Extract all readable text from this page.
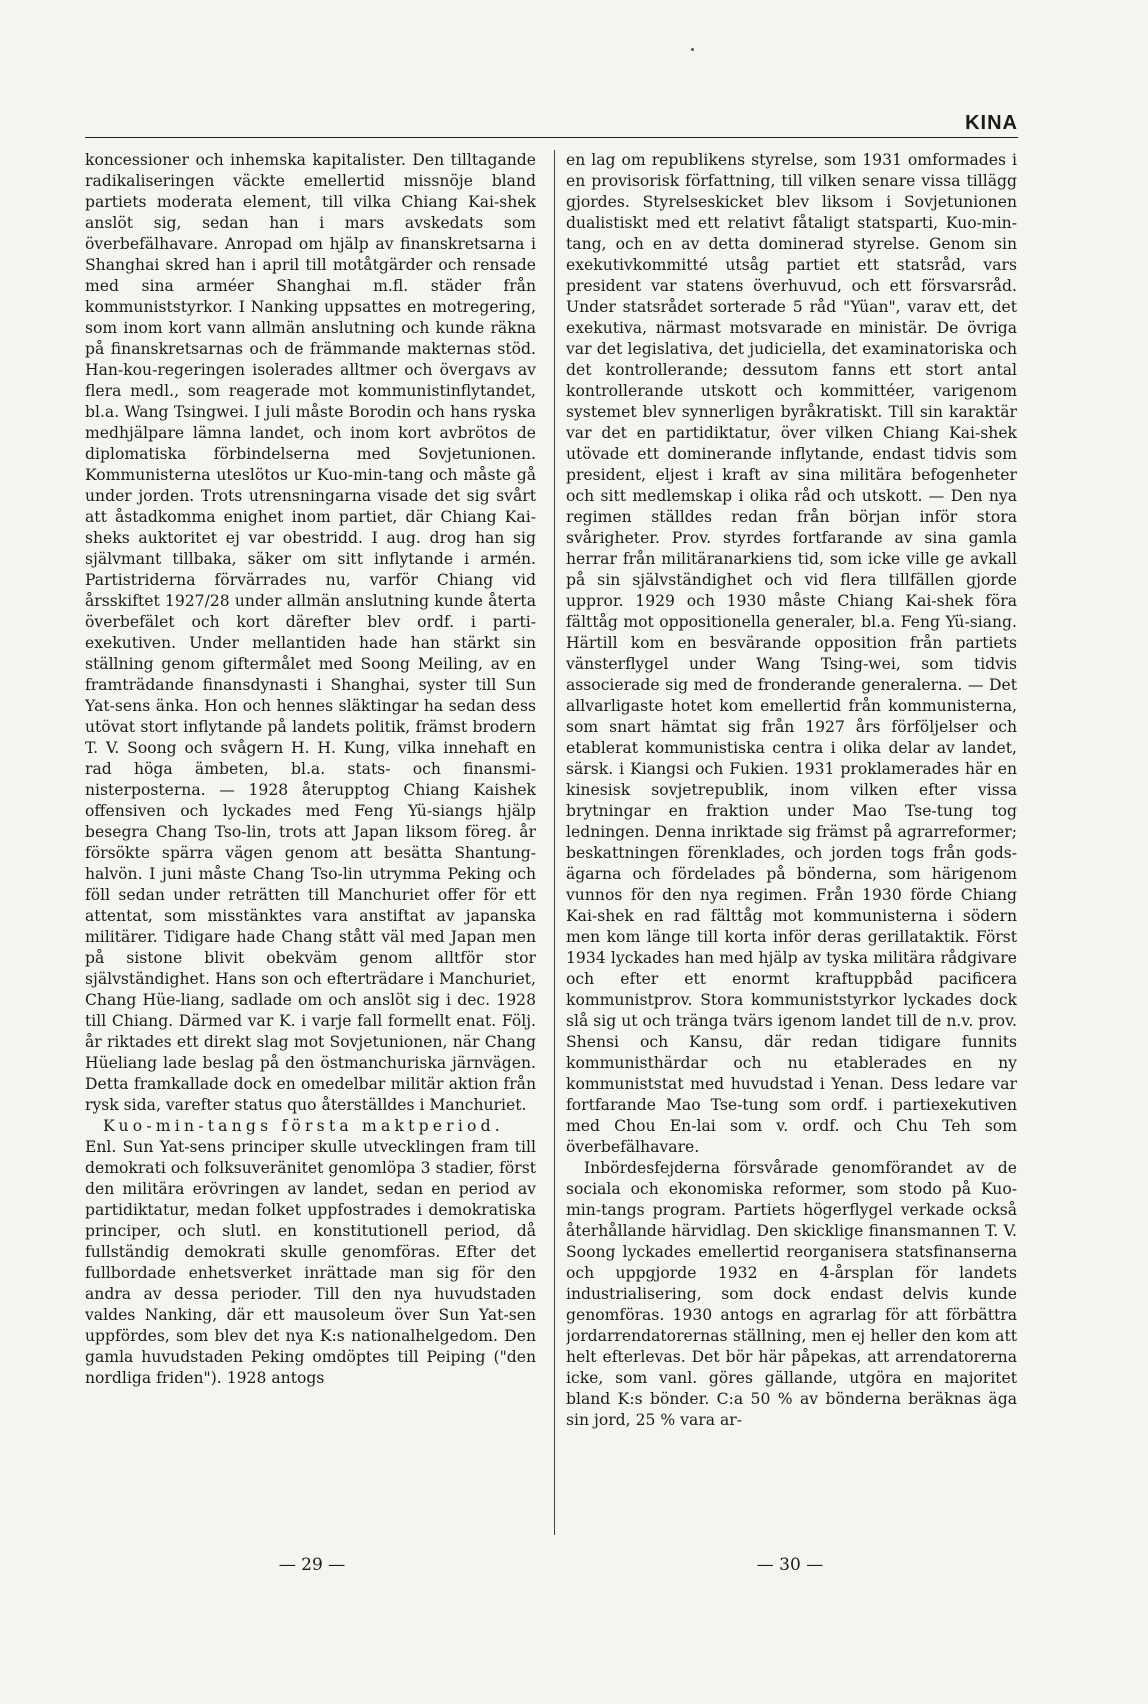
KINA

koncessioner och inhemska kapitalister. Den tilltagande radikaliseringen väckte emellertid missnöje bland partiets moderata element, till vilka Chiang Kai-shek anslöt sig, sedan han i mars avskedats som överbefälhavare. Anropad om hjälp av finanskretsarna i Shanghai skred han i april till motåtgärder och rensade med sina arméer Shanghai m.fl. städer från kommuniststyrkor. I Nanking uppsattes en motregering, som inom kort vann allmän anslutning och kunde räkna på finanskretsarnas och de främmande makternas stöd. Han-kou-regeringen isolerades alltmer och övergavs av flera medl., som reagerade mot kommunistinflytandet, bl.a. Wang Tsingwei. I juli måste Borodin och hans ryska medhjälpare lämna landet, och inom kort avbrötos de diplomatiska förbindelserna med Sovjetunionen. Kommunisterna uteslötos ur Kuo-min-tang och måste gå under jorden. Trots utrensningarna visade det sig svårt att åstadkomma enighet inom partiet, där Chiang Kai-sheks auktoritet ej var obestridd. I aug. drog han sig självmant tillbaka, säker om sitt inflytande i armén. Partistriderna förvärrades nu, varför Chiang vid årsskiftet 1927/28 under allmän anslutning kunde återta överbefälet och kort därefter blev ordf. i partiexekutiven. Under mellantiden hade han stärkt sin ställning genom giftermålet med Soong Meiling, av en framträdande finansdynasti i Shanghai, syster till Sun Yat-sens änka. Hon och hennes släktingar ha sedan dess utövat stort inflytande på landets politik, främst brodern T. V. Soong och svågern H. H. Kung, vilka innehaft en rad höga ämbeten, bl.a. stats- och finansministerposterna. — 1928 återupptog Chiang Kaishek offensiven och lyckades med Feng Yü-siangs hjälp besegra Chang Tso-lin, trots att Japan liksom föreg. år försökte spärra vägen genom att besätta Shantung-halvön. I juni måste Chang Tso-lin utrymma Peking och föll sedan under reträtten till Manchuriet offer för ett attentat, som misstänktes vara anstiftat av japanska militärer. Tidigare hade Chang stått väl med Japan men på sistone blivit obekväm genom alltför stor självständighet. Hans son och efterträdare i Manchuriet, Chang Hüe-liang, sadlade om och anslöt sig i dec. 1928 till Chiang. Därmed var K. i varje fall formellt enat. Följ. år riktades ett direkt slag mot Sovjetunionen, när Chang Hüeliang lade beslag på den östmanchuriska järnvägen. Detta framkallade dock en omedelbar militär aktion från rysk sida, varefter status quo återställdes i Manchuriet.

Kuo-min-tangs första maktperiod.

Enl. Sun Yat-sens principer skulle utvecklingen fram till demokrati och folksuveränitet genomlöpa 3 stadier, först den militära erövringen av landet, sedan en period av partidiktatur, medan folket uppfostrades i demokratiska principer, och slutl. en konstitutionell period, då fullständig demokrati skulle genomföras. Efter det fullbordade enhetsverket inrättade man sig för den andra av dessa perioder. Till den nya huvudstaden valdes Nanking, där ett mausoleum över Sun Yat-sen uppfördes, som blev det nya K:s nationalhelgedom. Den gamla huvudstaden Peking omdöptes till Peiping ("den nordliga friden"). 1928 antogs

en lag om republikens styrelse, som 1931 omformades i en provisorisk författning, till vilken senare vissa tillägg gjordes. Styrelseskicket blev liksom i Sovjetunionen dualistiskt med ett relativt fåtaligt statsparti, Kuo-min-tang, och en av detta dominerad styrelse. Genom sin exekutivkommitté utsåg partiet ett statsråd, vars president var statens överhuvud, och ett försvarsråd. Under statsrådet sorterade 5 råd "Yüan", varav ett, det exekutiva, närmast motsvarade en ministär. De övriga var det legislativa, det judiciella, det examinatoriska och det kontrollerande; dessutom fanns ett stort antal kontrollerande utskott och kommittéer, varigenom systemet blev synnerligen byråkratiskt. Till sin karaktär var det en partidiktatur, över vilken Chiang Kai-shek utövade ett dominerande inflytande, endast tidvis som president, eljest i kraft av sina militära befogenheter och sitt medlemskap i olika råd och utskott. — Den nya regimen ställdes redan från början inför stora svårigheter. Prov. styrdes fortfarande av sina gamla herrar från militäranarkiens tid, som icke ville ge avkall på sin självständighet och vid flera tillfällen gjorde uppror. 1929 och 1930 måste Chiang Kai-shek föra fälttåg mot oppositionella generaler, bl.a. Feng Yü-siang. Härtill kom en besvärande opposition från partiets vänsterflygel under Wang Tsing-wei, som tidvis associerade sig med de fronderande generalerna. — Det allvarligaste hotet kom emellertid från kommunisterna, som snart hämtat sig från 1927 års förföljelser och etablerat kommunistiska centra i olika delar av landet, särsk. i Kiangsi och Fukien. 1931 proklamerades här en kinesisk sovjetrepublik, inom vilken efter vissa brytningar en fraktion under Mao Tse-tung tog ledningen. Denna inriktade sig främst på agrarreformer; beskattningen förenklades, och jorden togs från godsägarna och fördelades på bönderna, som härigenom vunnos för den nya regimen. Från 1930 förde Chiang Kai-shek en rad fälttåg mot kommunisterna i södern men kom länge till korta inför deras gerillataktik. Först 1934 lyckades han med hjälp av tyska militära rådgivare och efter ett enormt kraftuppbåd pacificera kommunistprov. Stora kommuniststyrkor lyckades dock slå sig ut och tränga tvärs igenom landet till de n.v. prov. Shensi och Kansu, där redan tidigare funnits kommunisthärdar och nu etablerades en ny kommuniststat med huvudstad i Yenan. Dess ledare var fortfarande Mao Tse-tung som ordf. i partiexekutiven med Chou En-lai som v. ordf. och Chu Teh som överbefälhavare.

Inbördesfejderna försvårade genomförandet av de sociala och ekonomiska reformer, som stodo på Kuo-min-tangs program. Partiets högerflygel verkade också återhållande härvidlag. Den skicklige finansmannen T. V. Soong lyckades emellertid reorganisera statsfinanserna och uppgjorde 1932 en 4-årsplan för landets industrialisering, som dock endast delvis kunde genomföras. 1930 antogs en agrarlag för att förbättra jordarrendatorernas ställning, men ej heller den kom att helt efterlevas. Det bör här påpekas, att arrendatorerna icke, som vanl. göres gällande, utgöra en majoritet bland K:s bönder. C:a 50 % av bönderna beräknas äga sin jord, 25 % vara ar-

— 29 —	— 30 —
